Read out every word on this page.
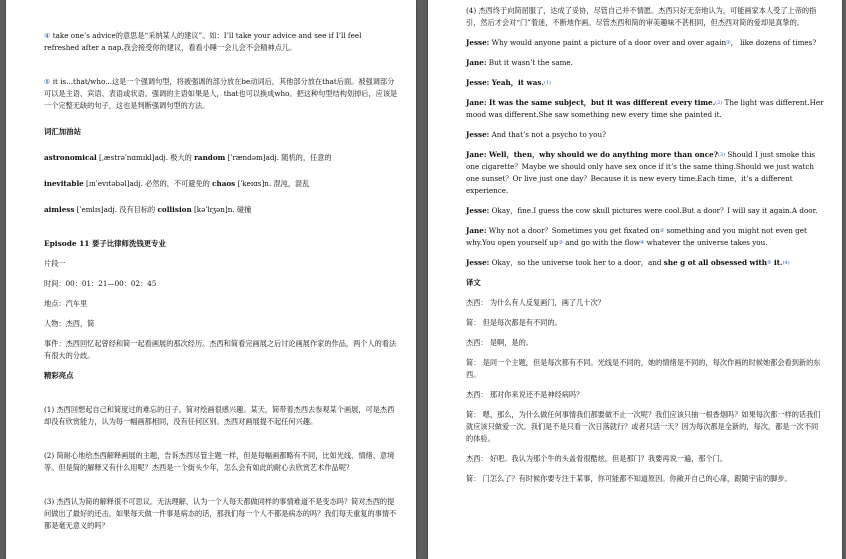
④ take one’s advice的意思是“采纳某人的建议”。如：I’ll take your advice and see if I’ll feel refreshed after a nap.我会接受你的建议，看看小睡一会儿会不会精神点儿。

⑤ it is...that/who...这是一个强调句型，将被强调的部分放在be动词后，其他部分放在that后面。被强调部分可以是主语、宾语、表语或状语。强调的主语如果是人，that也可以换成who。把这种句型结构划掉后，应该是一个完整无缺的句子，这也是判断强调句型的方法。

词汇加油站

astronomical [ˌæstrəˈnɑmɪkl]adj. 极大的 random [ˈrændəm]adj. 随机的，任意的

inevitable [ɪnˈevɪtəbəl]adj. 必然的，不可避免的 chaos [ˈkeɪɑs]n. 混沌，混乱

aimless [ˈemlɪs]adj. 没有目标的 collision [kəˈlɪʒən]n. 碰撞

Episode 11 要子比律师洗钱更专业

片段一

时间：00：01：21—00：02：45

地点：汽车里

人物：杰西，简

事件：杰西回忆起曾经和简一起看画展的那次经历。杰西和简看完画展之后讨论画展作家的作品，两个人的看法有很大的分歧。

精彩亮点

(1) 杰西回想起自己和简度过的难忘的日子。简对绘画很感兴趣。某天，简带着杰西去参观某个画展，可是杰西却没有欣赏能力，认为每一幅画都相同，没有任何区别。杰西对画展提不起任何兴趣。

(2) 简耐心地给杰西解释画展的主题，告诉杰西尽管主题一样，但是每幅画都略有不同，比如光线、情绪、意境等。但是简的解释又有什么用呢？杰西是一个街头少年，怎么会有如此的耐心去欣赏艺术作品呢？

(3) 杰西认为简的解释很不可思议。无法理解，认为一个人每天都做同样的事情难道不是变态吗？简对杰西的提问做出了最好的还击，如果每天做一件事是病态的话，那我们每一个人不都是病态的吗？我们每天重复的事情不都是毫无意义的吗？

(4) 杰西终于向简屈服了，达成了妥协，尽管自己并不情愿。杰西只好无奈地认为，可能画家本人受了上帝的指引，然后才会对“门”着迷，不断地作画。尽管杰西和简的审美趣味不甚相同，但杰西对简的爱却是真挚的。

Jesse: Why would anyone paint a picture of a door over and over again①， like dozens of times?

Jane: But it wasn’t the same.

Jesse: Yeah，it was.$^{(1)}$

Jane: It was the same subject，but it was different every time.$^{(2)}$ The light was different.Her mood was different.She saw something new every time she painted it.

Jesse: And that’s not a psycho to you?

Jane: Well，then，why should we do anything more than once?$^{(3)}$ Should I just smoke this one cigarette？Maybe we should only have sex once if it’s the same thing.Should we just watch one sunset？Or live just one day？Because it is new every time.Each time，it’s a different experience.

Jesse: Okay，fine.I guess the cow skull pictures were cool.But a door？I will say it again.A door.

Jane: Why not a door？Sometimes you get fixated on② something and you might not even get why.You open yourself up③ and go with the flow④ whatever the universe takes you.

Jesse: Okay，so the universe took her to a door，and she g ot all obsessed with⑤ it.$^{(4)}$

译文

杰西： 为什么有人反复画门，画了几十次？

简： 但是每次都是有不同的。

杰西： 是啊，是的。

简： 是同一个主题，但是每次都有不同。光线是不同的，她的情绪是不同的，每次作画的时候她都会看到新的东西。

杰西： 那对你来说还不是神经病吗？

简： 嗯，那么，为什么做任何事情我们都要做不止一次呢？我们应该只抽一根香烟吗？如果每次都一样的话我们就应该只做爱一次。我们是不是只看一次日落就行？或者只活一天？因为每次都是全新的，每次，都是一次不同的体验。

杰西： 好吧。我认为那个牛的头盖骨很酷炫。但是那门？我要再说一遍，那个门。

简： 门怎么了？有时候你要专注于某事，你可能都不知道原因。你敞开自己的心扉，跟随宇宙的脚步。
